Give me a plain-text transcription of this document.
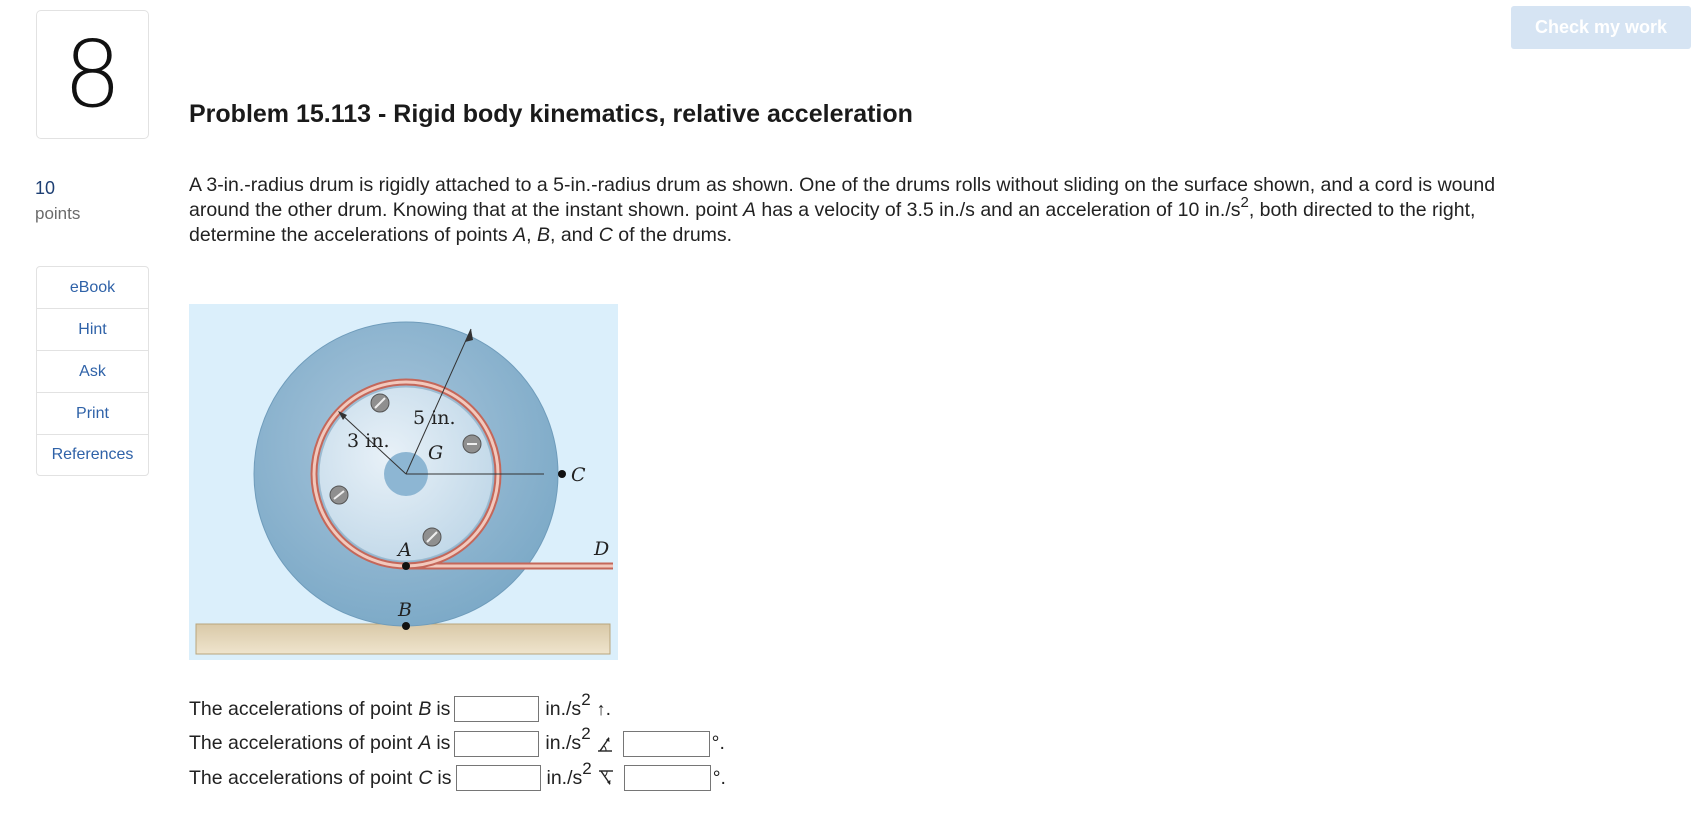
8
10
points
eBook
Hint
Ask
Print
References
Check my work
Problem 15.113 - Rigid body kinematics, relative acceleration
A 3-in.-radius drum is rigidly attached to a 5-in.-radius drum as shown. One of the drums rolls without sliding on the surface shown, and a cord is wound around the other drum. Knowing that at the instant shown. point A has a velocity of 3.5 in./s and an acceleration of 10 $in./s^2$, both directed to the right, determine the accelerations of points A, B, and C of the drums.
5 in.
3 in.
G
A
B
C
D
The accelerations of point B is	$in./s^2$ ↑ .
The accelerations of point A is	$in./s^2$	°.
The accelerations of point C is	$in./s^2$	°.
